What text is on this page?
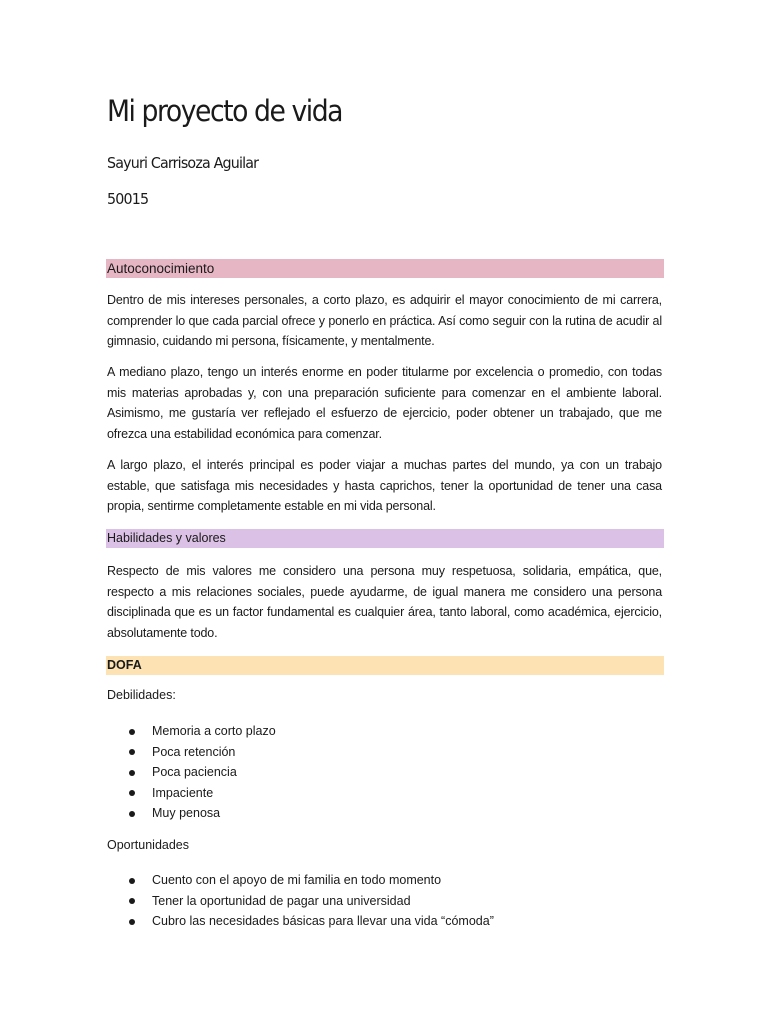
Mi proyecto de vida
Sayuri Carrisoza Aguilar
50015
Autoconocimiento

Dentro de mis intereses personales, a corto plazo, es adquirir el mayor conocimiento de mi carrera, comprender lo que cada parcial ofrece y ponerlo en práctica. Así como seguir con la rutina de acudir al gimnasio, cuidando mi persona, físicamente, y mentalmente.

A mediano plazo, tengo un interés enorme en poder titularme por excelencia o promedio, con todas mis materias aprobadas y, con una preparación suficiente para comenzar en el ambiente laboral. Asimismo, me gustaría ver reflejado el esfuerzo de ejercicio, poder obtener un trabajado, que me ofrezca una estabilidad económica para comenzar.

A largo plazo, el interés principal es poder viajar a muchas partes del mundo, ya con un trabajo estable, que satisfaga mis necesidades y hasta caprichos, tener la oportunidad de tener una casa propia, sentirme completamente estable en mi vida personal.

Habilidades y valores

Respecto de mis valores me considero una persona muy respetuosa, solidaria, empática, que, respecto a mis relaciones sociales, puede ayudarme, de igual manera me considero una persona disciplinada que es un factor fundamental es cualquier área, tanto laboral, como académica, ejercicio, absolutamente todo.

DOFA
Debilidades:
Memoria a corto plazo
Poca retención
Poca paciencia
Impaciente
Muy penosa
Oportunidades
Cuento con el apoyo de mi familia en todo momento
Tener la oportunidad de pagar una universidad
Cubro las necesidades básicas para llevar una vida “cómoda”
